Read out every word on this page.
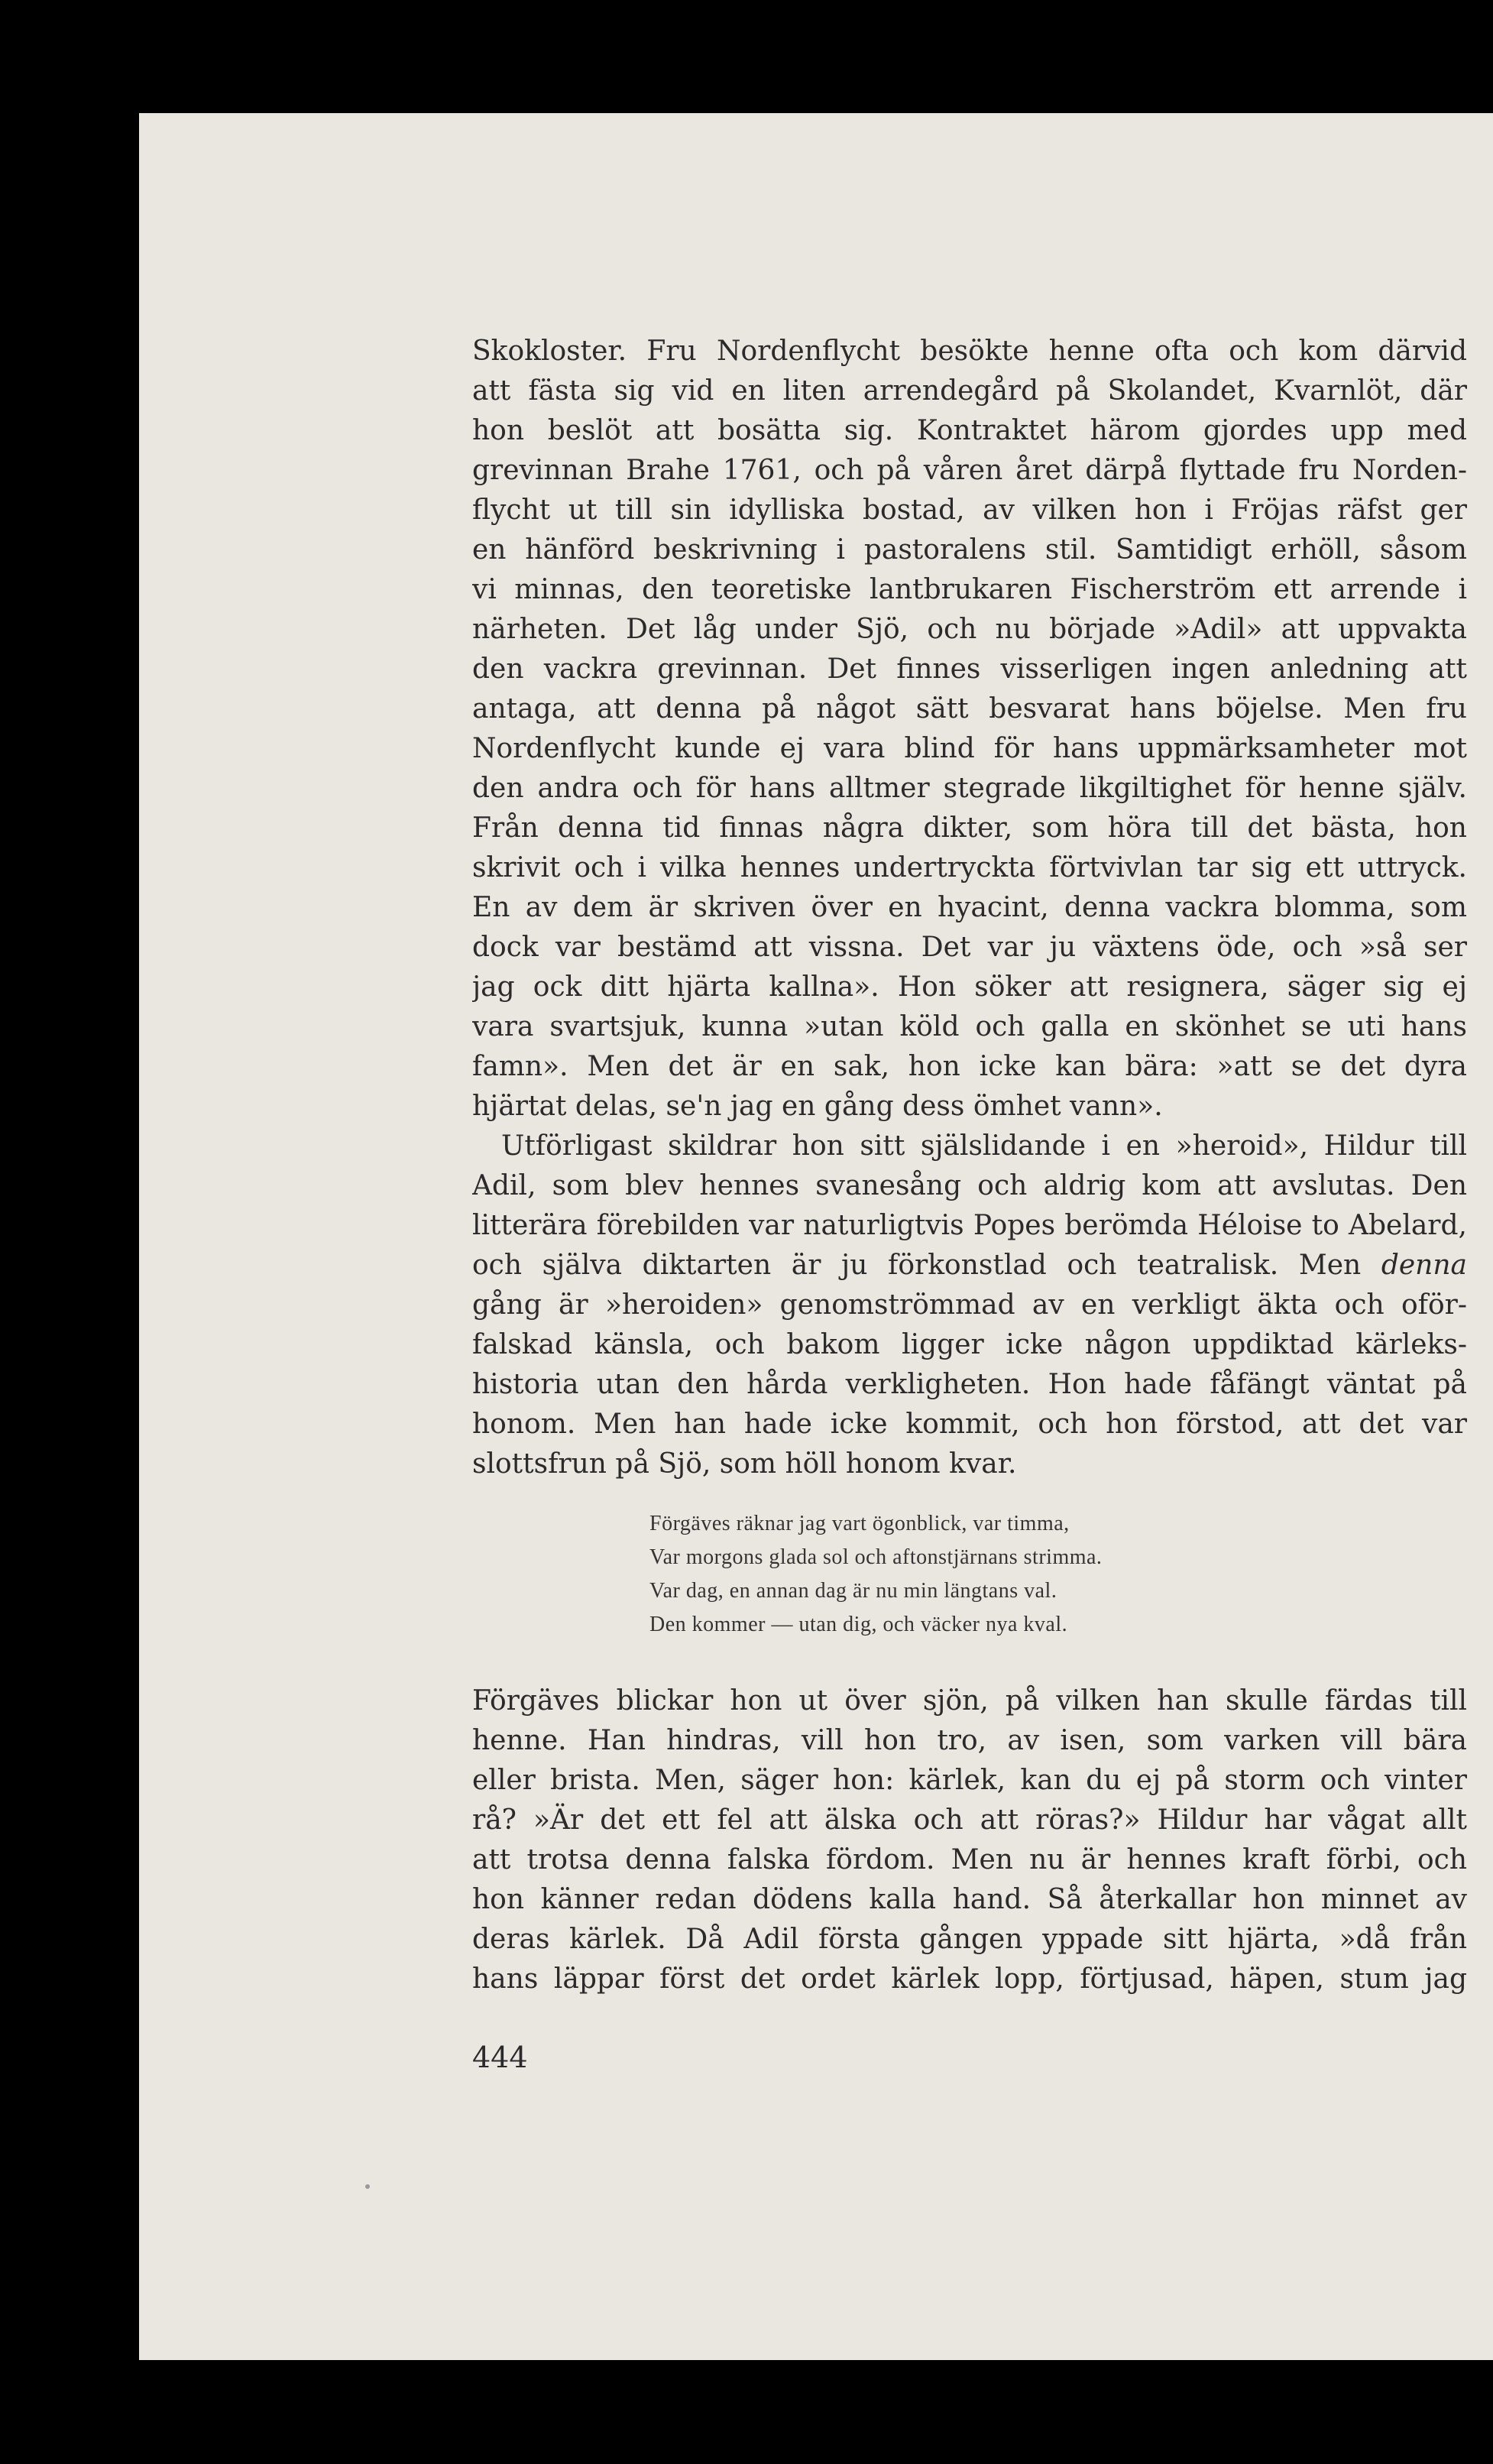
Skokloster. Fru Nordenflycht besökte henne ofta och kom därvid
att fästa sig vid en liten arrendegård på Skolandet, Kvarnlöt, där
hon beslöt att bosätta sig. Kontraktet härom gjordes upp med
grevinnan Brahe 1761, och på våren året därpå flyttade fru Norden-
flycht ut till sin idylliska bostad, av vilken hon i Fröjas räfst ger
en hänförd beskrivning i pastoralens stil. Samtidigt erhöll, såsom
vi minnas, den teoretiske lantbrukaren Fischerström ett arrende i
närheten. Det låg under Sjö, och nu började »Adil» att uppvakta
den vackra grevinnan. Det finnes visserligen ingen anledning att
antaga, att denna på något sätt besvarat hans böjelse. Men fru
Nordenflycht kunde ej vara blind för hans uppmärksamheter mot
den andra och för hans alltmer stegrade likgiltighet för henne själv.
Från denna tid finnas några dikter, som höra till det bästa, hon
skrivit och i vilka hennes undertryckta förtvivlan tar sig ett uttryck.
En av dem är skriven över en hyacint, denna vackra blomma, som
dock var bestämd att vissna. Det var ju växtens öde, och »så ser
jag ock ditt hjärta kallna». Hon söker att resignera, säger sig ej
vara svartsjuk, kunna »utan köld och galla en skönhet se uti hans
famn». Men det är en sak, hon icke kan bära: »att se det dyra
hjärtat delas, se'n jag en gång dess ömhet vann».
Utförligast skildrar hon sitt själslidande i en »heroid», Hildur till
Adil, som blev hennes svanesång och aldrig kom att avslutas. Den
litterära förebilden var naturligtvis Popes berömda Héloise to Abelard,
och själva diktarten är ju förkonstlad och teatralisk. Men denna
gång är »heroiden» genomströmmad av en verkligt äkta och oför-
falskad känsla, och bakom ligger icke någon uppdiktad kärleks-
historia utan den hårda verkligheten. Hon hade fåfängt väntat på
honom. Men han hade icke kommit, och hon förstod, att det var
slottsfrun på Sjö, som höll honom kvar.
Förgäves räknar jag vart ögonblick, var timma,
Var morgons glada sol och aftonstjärnans strimma.
Var dag, en annan dag är nu min längtans val.
Den kommer — utan dig, och väcker nya kval.
Förgäves blickar hon ut över sjön, på vilken han skulle färdas till
henne. Han hindras, vill hon tro, av isen, som varken vill bära
eller brista. Men, säger hon: kärlek, kan du ej på storm och vinter
rå? »Är det ett fel att älska och att röras?» Hildur har vågat allt
att trotsa denna falska fördom. Men nu är hennes kraft förbi, och
hon känner redan dödens kalla hand. Så återkallar hon minnet av
deras kärlek. Då Adil första gången yppade sitt hjärta, »då från
hans läppar först det ordet kärlek lopp, förtjusad, häpen, stum jag
444
